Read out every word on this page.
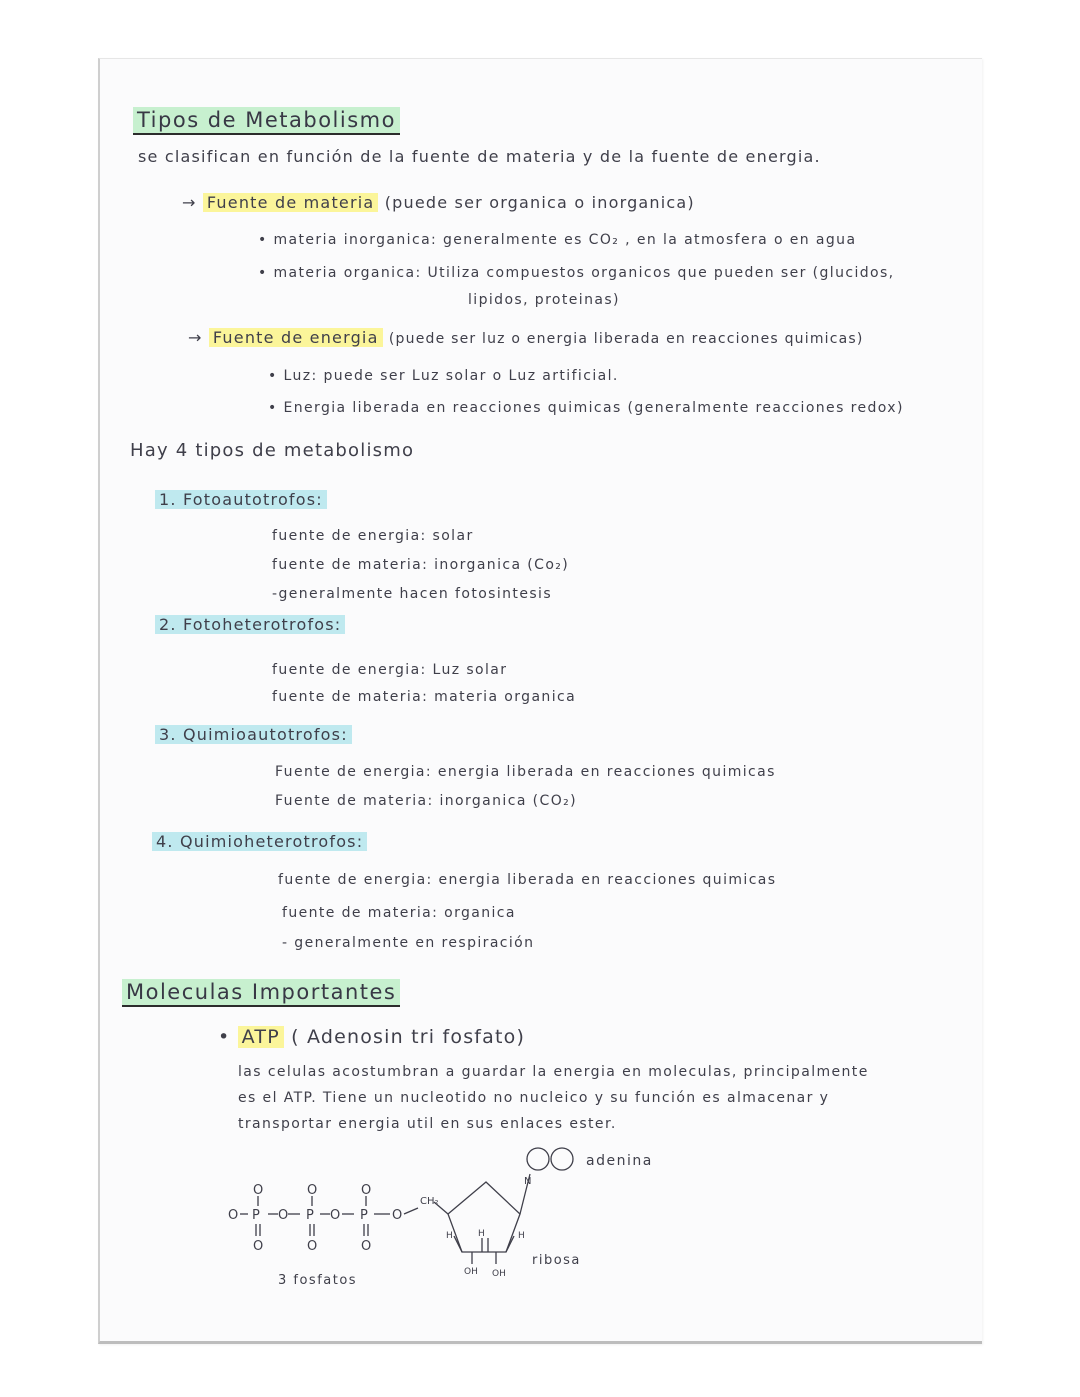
Tipos de Metabolismo
se clasifican en función de la fuente de materia y de la fuente de energia.
→ Fuente de materia (puede ser organica o inorganica)
• materia inorganica: generalmente es CO₂ , en la atmosfera o en agua
• materia organica: Utiliza compuestos organicos que pueden ser (glucidos,
lipidos, proteinas)
→ Fuente de energia (puede ser luz o energia liberada en reacciones quimicas)
• Luz: puede ser Luz solar o Luz artificial.
• Energia liberada en reacciones quimicas (generalmente reacciones redox)
Hay 4 tipos de metabolismo
1. Fotoautotrofos:
fuente de energia: solar
fuente de materia: inorganica (Co₂)
-generalmente hacen fotosintesis
2. Fotoheterotrofos:
fuente de energia: Luz solar
fuente de materia: materia organica
3. Quimioautotrofos:
Fuente de energia: energia liberada en reacciones quimicas
Fuente de materia: inorganica (CO₂)
4. Quimioheterotrofos:
fuente de energia: energia liberada en reacciones quimicas
fuente de materia: organica
- generalmente en respiración
Moleculas Importantes
• ATP ( Adenosin tri fosfato)
las celulas acostumbran a guardar la energia en moleculas, principalmente
es el ATP. Tiene un nucleotido no nucleico y su función es almacenar y
transportar energia util en sus enlaces ester.
O P O P O P O
O	O	O
O	O	O
CH₂
N
H	H
H
OH OH
adenina
ribosa
3 fosfatos
